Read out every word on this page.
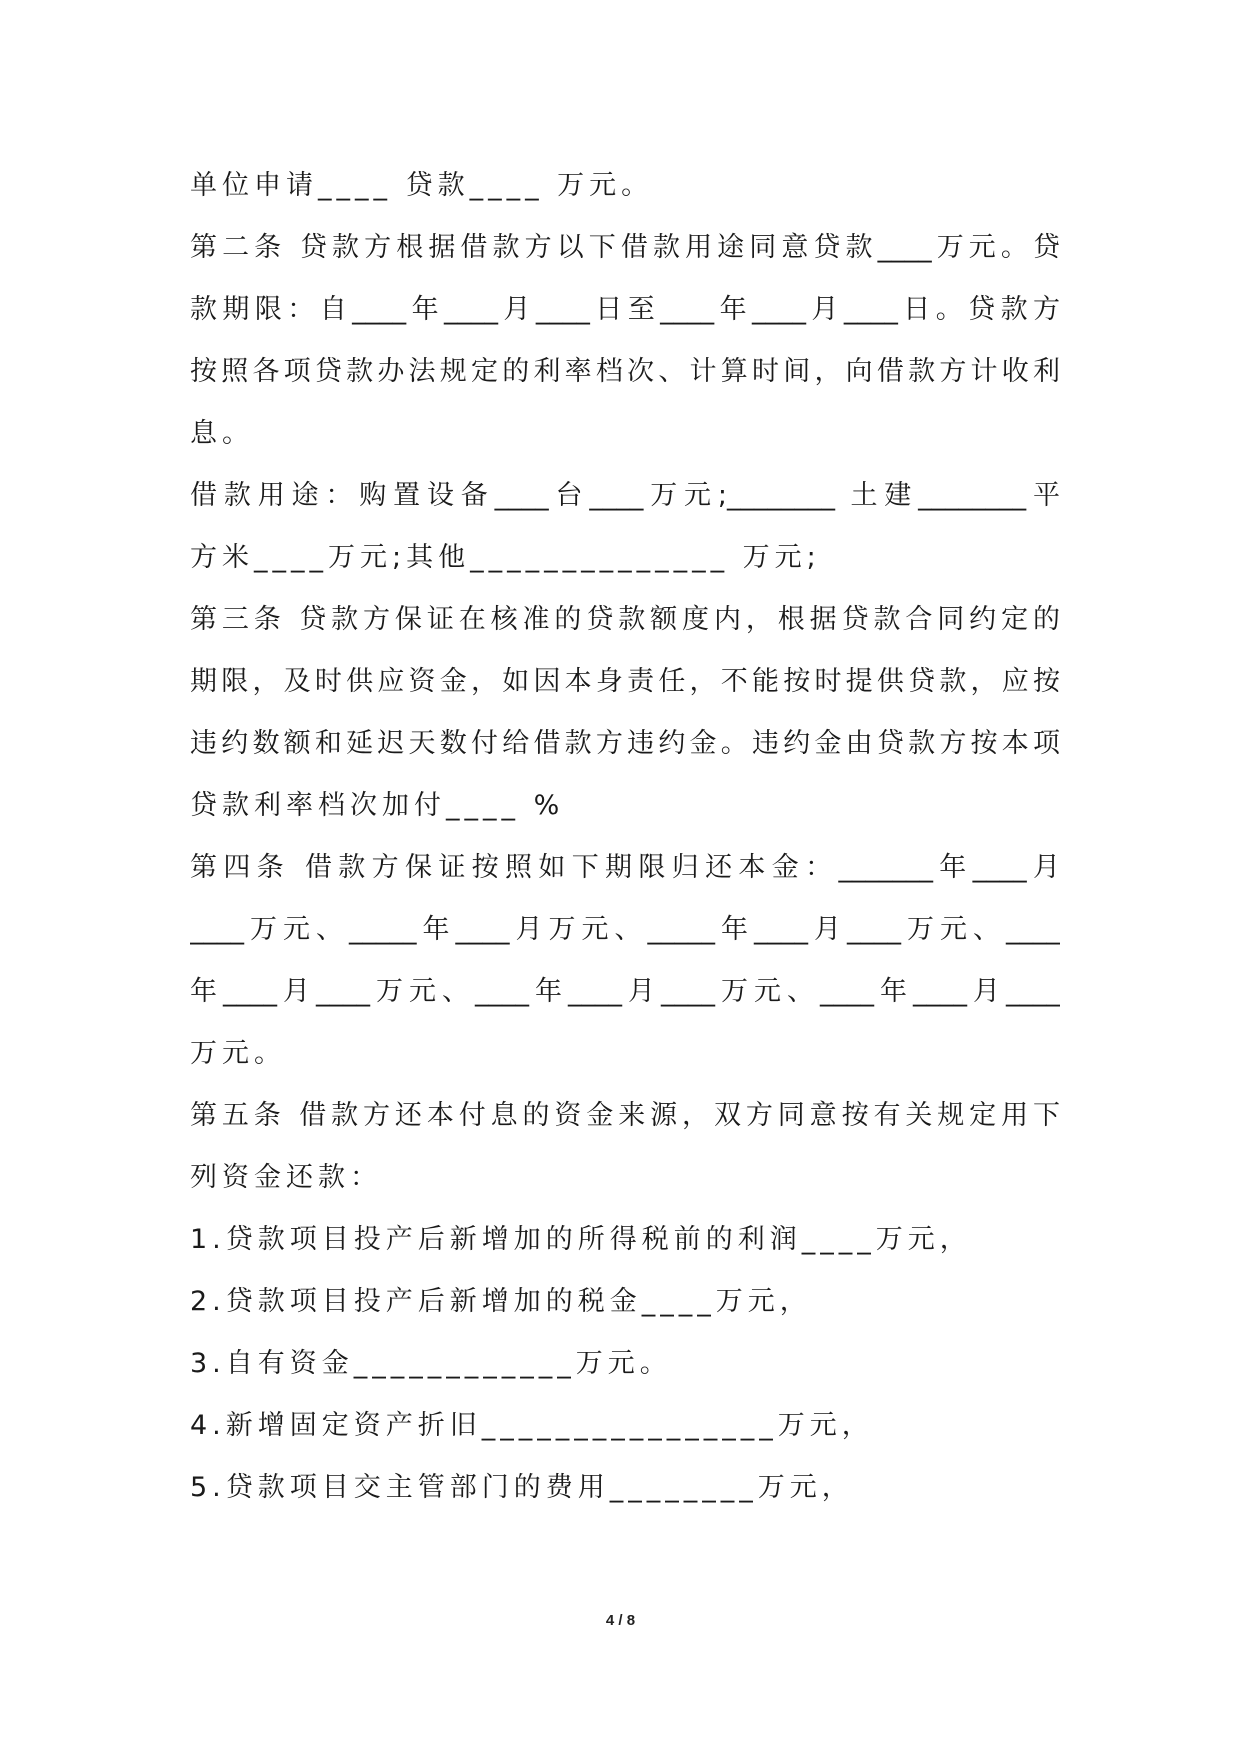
单位申请____ 贷款____ 万元。
第二条 贷款方根据借款方以下借款用途同意贷款____万元。贷
款期限：自____年____月____日至____年____月____日。贷款方
按照各项贷款办法规定的利率档次、计算时间，向借款方计收利
息。
借款用途：购置设备____台____万元;________ 土建________平
方米____万元;其他______________ 万元;
第三条 贷款方保证在核准的贷款额度内，根据贷款合同约定的
期限，及时供应资金，如因本身责任，不能按时提供贷款，应按
违约数额和延迟天数付给借款方违约金。违约金由贷款方按本项
贷款利率档次加付____ %
第四条 借款方保证按照如下期限归还本金：_______年____月
____万元、_____年____月万元、_____年____月____万元、____
年____月____万元、____年____月____万元、____年____月____
万元。
第五条 借款方还本付息的资金来源，双方同意按有关规定用下
列资金还款：
1.贷款项目投产后新增加的所得税前的利润____万元，
2.贷款项目投产后新增加的税金____万元，
3.自有资金____________万元。
4.新增固定资产折旧________________万元，
5.贷款项目交主管部门的费用________万元，
4 / 8
